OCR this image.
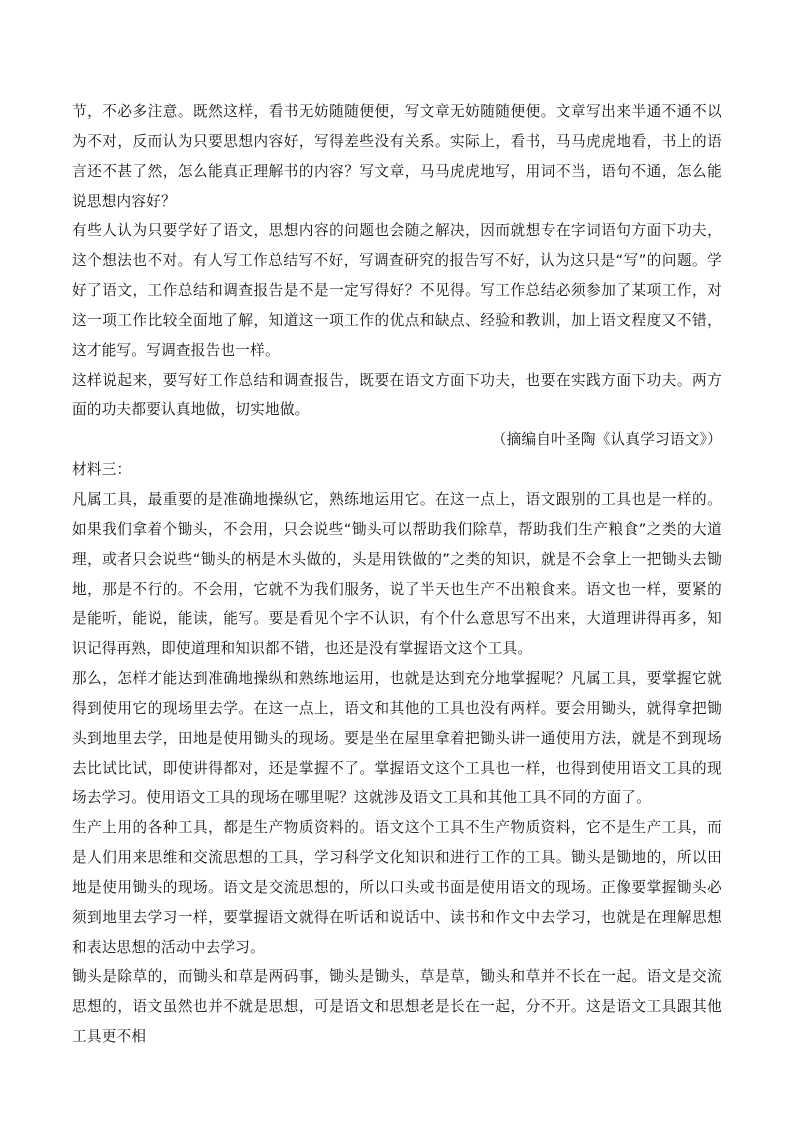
节，不必多注意。既然这样，看书无妨随随便便，写文章无妨随随便便。文章写出来半通不通不以为不对，反而认为只要思想内容好，写得差些没有关系。实际上，看书，马马虎虎地看，书上的语言还不甚了然，怎么能真正理解书的内容？写文章，马马虎虎地写，用词不当，语句不通，怎么能说思想内容好？

有些人认为只要学好了语文，思想内容的问题也会随之解决，因而就想专在字词语句方面下功夫，这个想法也不对。有人写工作总结写不好，写调查研究的报告写不好，认为这只是“写”的问题。学好了语文，工作总结和调查报告是不是一定写得好？不见得。写工作总结必须参加了某项工作，对这一项工作比较全面地了解，知道这一项工作的优点和缺点、经验和教训，加上语文程度又不错，这才能写。写调查报告也一样。

这样说起来，要写好工作总结和调查报告，既要在语文方面下功夫，也要在实践方面下功夫。两方面的功夫都要认真地做，切实地做。

（摘编自叶圣陶《认真学习语文》）

材料三：

凡属工具，最重要的是准确地操纵它，熟练地运用它。在这一点上，语文跟别的工具也是一样的。如果我们拿着个锄头，不会用，只会说些“锄头可以帮助我们除草，帮助我们生产粮食”之类的大道理，或者只会说些“锄头的柄是木头做的，头是用铁做的”之类的知识，就是不会拿上一把锄头去锄地，那是不行的。不会用，它就不为我们服务，说了半天也生产不出粮食来。语文也一样，要紧的是能听，能说，能读，能写。要是看见个字不认识，有个什么意思写不出来，大道理讲得再多，知识记得再熟，即使道理和知识都不错，也还是没有掌握语文这个工具。

那么，怎样才能达到准确地操纵和熟练地运用，也就是达到充分地掌握呢？凡属工具，要掌握它就得到使用它的现场里去学。在这一点上，语文和其他的工具也没有两样。要会用锄头，就得拿把锄头到地里去学，田地是使用锄头的现场。要是坐在屋里拿着把锄头讲一通使用方法，就是不到现场去比试比试，即使讲得都对，还是掌握不了。掌握语文这个工具也一样，也得到使用语文工具的现场去学习。使用语文工具的现场在哪里呢？这就涉及语文工具和其他工具不同的方面了。

生产上用的各种工具，都是生产物质资料的。语文这个工具不生产物质资料，它不是生产工具，而是人们用来思维和交流思想的工具，学习科学文化知识和进行工作的工具。锄头是锄地的，所以田地是使用锄头的现场。语文是交流思想的，所以口头或书面是使用语文的现场。正像要掌握锄头必须到地里去学习一样，要掌握语文就得在听话和说话中、读书和作文中去学习，也就是在理解思想和表达思想的活动中去学习。

锄头是除草的，而锄头和草是两码事，锄头是锄头，草是草，锄头和草并不长在一起。语文是交流思想的，语文虽然也并不就是思想，可是语文和思想老是长在一起，分不开。这是语文工具跟其他工具更不相
